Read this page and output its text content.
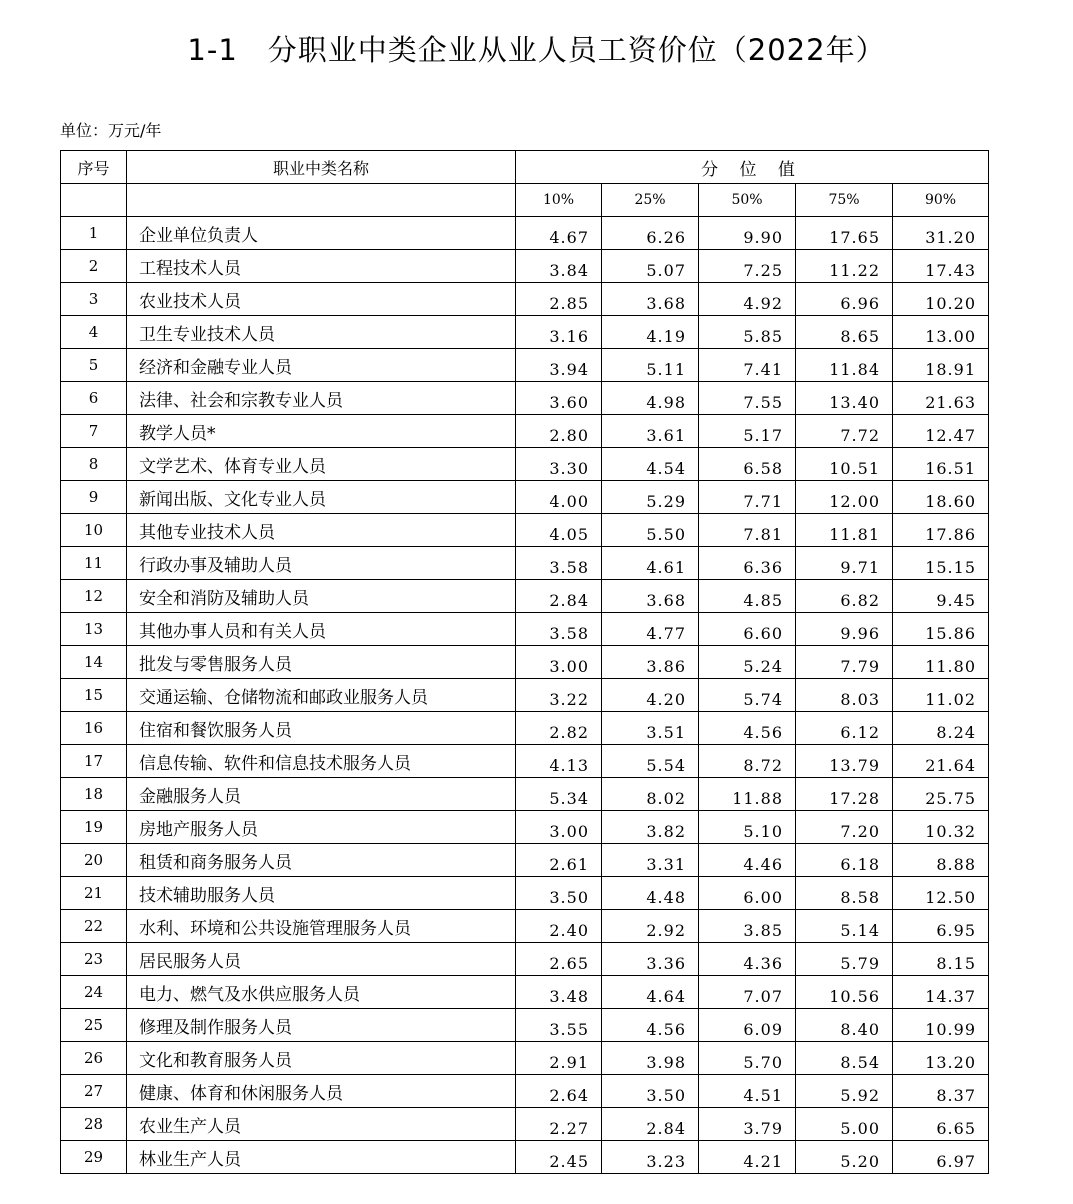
1-1　分职业中类企业从业人员工资价位（2022年）
单位：万元/年
序号	职业中类名称	分 位 值				
		10%	25%	50%	75%	90%
1	企业单位负责人	4.67	6.26	9.90	17.65	31.20
2	工程技术人员	3.84	5.07	7.25	11.22	17.43
3	农业技术人员	2.85	3.68	4.92	6.96	10.20
4	卫生专业技术人员	3.16	4.19	5.85	8.65	13.00
5	经济和金融专业人员	3.94	5.11	7.41	11.84	18.91
6	法律、社会和宗教专业人员	3.60	4.98	7.55	13.40	21.63
7	教学人员*	2.80	3.61	5.17	7.72	12.47
8	文学艺术、体育专业人员	3.30	4.54	6.58	10.51	16.51
9	新闻出版、文化专业人员	4.00	5.29	7.71	12.00	18.60
10	其他专业技术人员	4.05	5.50	7.81	11.81	17.86
11	行政办事及辅助人员	3.58	4.61	6.36	9.71	15.15
12	安全和消防及辅助人员	2.84	3.68	4.85	6.82	9.45
13	其他办事人员和有关人员	3.58	4.77	6.60	9.96	15.86
14	批发与零售服务人员	3.00	3.86	5.24	7.79	11.80
15	交通运输、仓储物流和邮政业服务人员	3.22	4.20	5.74	8.03	11.02
16	住宿和餐饮服务人员	2.82	3.51	4.56	6.12	8.24
17	信息传输、软件和信息技术服务人员	4.13	5.54	8.72	13.79	21.64
18	金融服务人员	5.34	8.02	11.88	17.28	25.75
19	房地产服务人员	3.00	3.82	5.10	7.20	10.32
20	租赁和商务服务人员	2.61	3.31	4.46	6.18	8.88
21	技术辅助服务人员	3.50	4.48	6.00	8.58	12.50
22	水利、环境和公共设施管理服务人员	2.40	2.92	3.85	5.14	6.95
23	居民服务人员	2.65	3.36	4.36	5.79	8.15
24	电力、燃气及水供应服务人员	3.48	4.64	7.07	10.56	14.37
25	修理及制作服务人员	3.55	4.56	6.09	8.40	10.99
26	文化和教育服务人员	2.91	3.98	5.70	8.54	13.20
27	健康、体育和休闲服务人员	2.64	3.50	4.51	5.92	8.37
28	农业生产人员	2.27	2.84	3.79	5.00	6.65
29	林业生产人员	2.45	3.23	4.21	5.20	6.97
